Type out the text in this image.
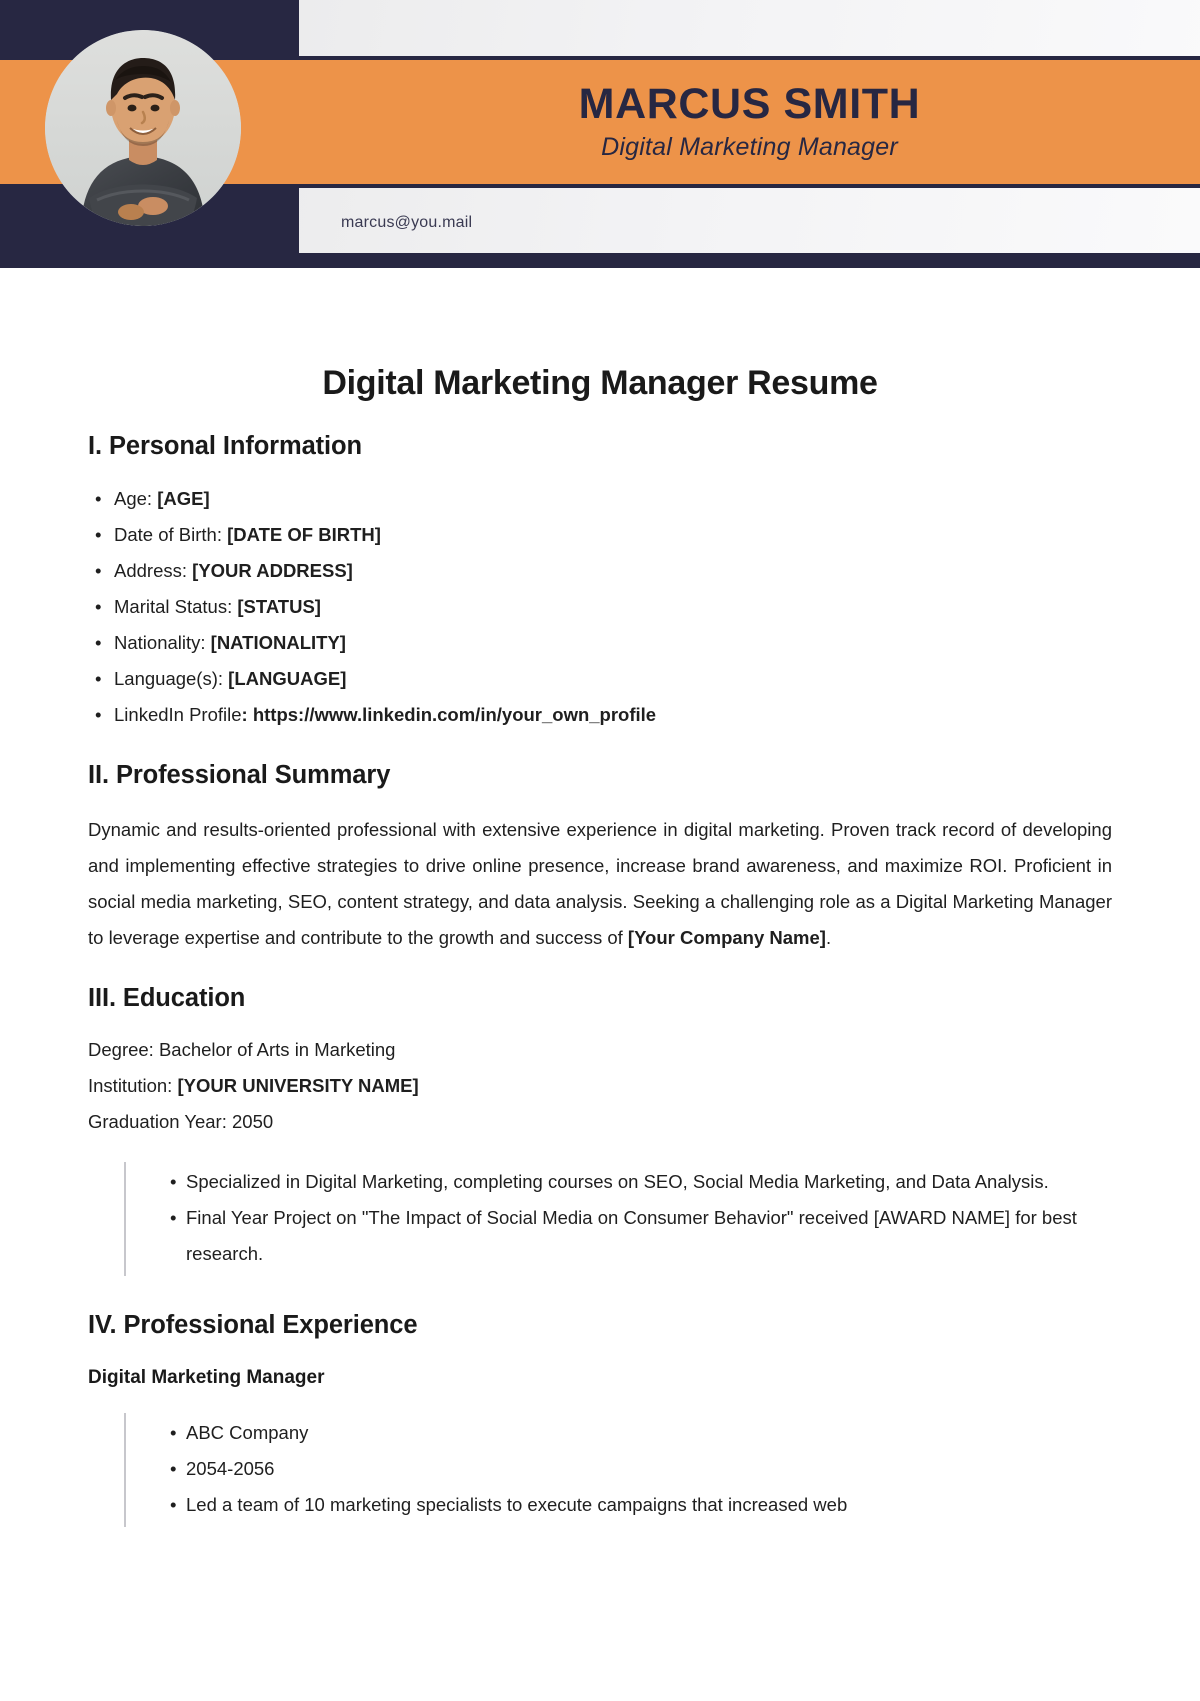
MARCUS SMITH
Digital Marketing Manager
marcus@you.mail
Digital Marketing Manager Resume
I. Personal Information
• Age: [AGE]
• Date of Birth: [DATE OF BIRTH]
• Address: [YOUR ADDRESS]
• Marital Status: [STATUS]
• Nationality: [NATIONALITY]
• Language(s): [LANGUAGE]
• LinkedIn Profile: https://www.linkedin.com/in/your_own_profile
II. Professional Summary

Dynamic and results-oriented professional with extensive experience in digital marketing. Proven track record of developing and implementing effective strategies to drive online presence, increase brand awareness, and maximize ROI. Proficient in social media marketing, SEO, content strategy, and data analysis. Seeking a challenging role as a Digital Marketing Manager to leverage expertise and contribute to the growth and success of [Your Company Name].

III. Education
Degree: Bachelor of Arts in Marketing
Institution: [YOUR UNIVERSITY NAME]
Graduation Year: 2050
• Specialized in Digital Marketing, completing courses on SEO, Social Media Marketing, and Data Analysis.
• Final Year Project on "The Impact of Social Media on Consumer Behavior" received [AWARD NAME] for best research.
IV. Professional Experience
Digital Marketing Manager
• ABC Company
• 2054-2056
• Led a team of 10 marketing specialists to execute campaigns that increased web
